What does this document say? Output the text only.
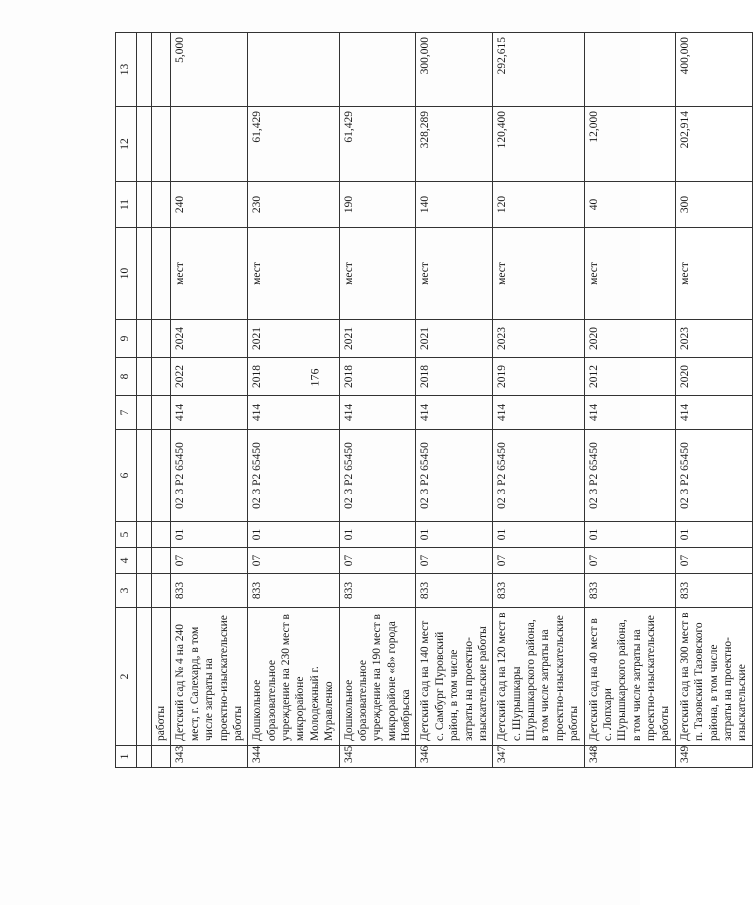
176
1	2	3	4	5	6	7	8	9	10	11	12	13

	работы											
343	Детский сад № 4 на 240 мест, г. Салехард, в том числе затраты на проектно-изыскательские работы	833	07	01	02 3 P2 65450	414	2022	2024	мест	240		5,000
344	Дошкольное образовательное учреждение на 230 мест в микрорайоне Молодежный г. Муравленко	833	07	01	02 3 P2 65450	414	2018	2021	мест	230	61,429	
345	Дошкольное образовательное учреждение на 190 мест в микрорайоне «8» города Ноябрьска	833	07	01	02 3 P2 65450	414	2018	2021	мест	190	61,429	
346	Детский сад на 140 мест с. Самбург Пуровский район, в том числе затраты на проектно-изыскательские работы	833	07	01	02 3 P2 65450	414	2018	2021	мест	140	328,289	300,000
347	Детский сад на 120 мест в с. Шурышкары Шурышкарского района, в том числе затраты на проектно-изыскательские работы	833	07	01	02 3 P2 65450	414	2019	2023	мест	120	120,400	292,615
348	Детский сад на 40 мест в с. Лопхари Шурышкарского района, в том числе затраты на проектно-изыскательские работы	833	07	01	02 3 P2 65450	414	2012	2020	мест	40	12,000	
349	Детский сад на 300 мест в п. Тазовский Тазовского района, в том числе затраты на проектно-изыскательские	833	07	01	02 3 P2 65450	414	2020	2023	мест	300	202,914	400,000
